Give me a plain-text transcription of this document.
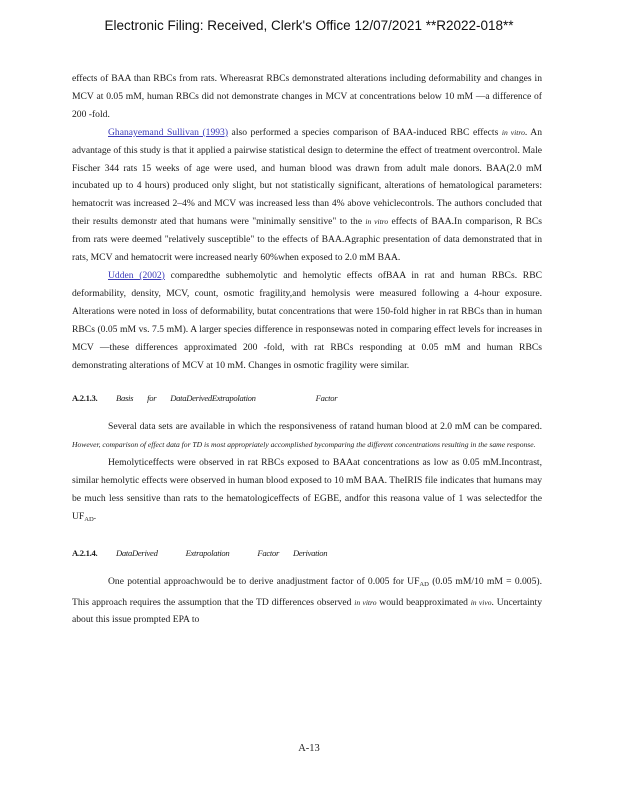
Electronic Filing: Received, Clerk's Office 12/07/2021 **R2022-018**

effects of BAA than RBCs from rats. Whereasrat RBCs demonstrated alterations including deformability and changes in MCV at 0.05 mM, human RBCs did not demonstrate changes in MCV at concentrations below 10 mM —a difference of 200 -fold.

Ghanayemand Sullivan (1993) also performed a species comparison of BAA-induced RBC effects in vitro. An advantage of this study is that it applied a pairwise statistical design to determine the effect of treatment overcontrol. Male Fischer 344 rats 15 weeks of age were used, and human blood was drawn from adult male donors. BAA(2.0 mM incubated up to 4 hours) produced only slight, but not statistically significant, alterations of hematological parameters: hematocrit was increased 2–4% and MCV was increased less than 4% above vehiclecontrols. The authors concluded that their results demonstr ated that humans were "minimally sensitive" to the in vitro effects of BAA.In comparison, R BCs from rats were deemed "relatively susceptible" to the effects of BAA.Agraphic presentation of data demonstrated that in rats, MCV and hematocrit were increased nearly 60%when exposed to 2.0 mM BAA.

Udden (2002) comparedthe subhemolytic and hemolytic effects ofBAA in rat and human RBCs. RBC deformability, density, MCV, count, osmotic fragility,and hemolysis were measured following a 4-hour exposure. Alterations were noted in loss of deformability, butat concentrations that were 150-fold higher in rat RBCs than in human RBCs (0.05 mM vs. 7.5 mM). A larger species difference in responsewas noted in comparing effect levels for increases in MCV —these differences approximated 200 -fold, with rat RBCs responding at 0.05 mM and human RBCs demonstrating alterations of MCV at 10 mM. Changes in osmotic fragility were similar.

A.2.1.3.	Basis for DataDerivedExtrapolation	Factor

Several data sets are available in which the responsiveness of ratand human blood at 2.0 mM can be compared. However, comparison of effect data for TD is most appropriately accomplished bycomparing the different concentrations resulting in the same response.

Hemolyticeffects were observed in rat RBCs exposed to BAAat concentrations as low as 0.05 mM.Incontrast, similar hemolytic effects were observed in human blood exposed to 10 mM BAA. TheIRIS file indicates that humans may be much less sensitive than rats to the hematologiceffects of EGBE, andfor this reasona value of 1 was selectedfor the $UF_{AD}$.

A.2.1.4.	DataDerived	Extrapolation	Factor Derivation

One potential approachwould be to derive anadjustment factor of 0.005 for $UF_{AD}$ (0.05 mM/10 mM = 0.005). This approach requires the assumption that the TD differences observed in vitro would beapproximated in vivo. Uncertainty about this issue prompted EPA to

A-13
